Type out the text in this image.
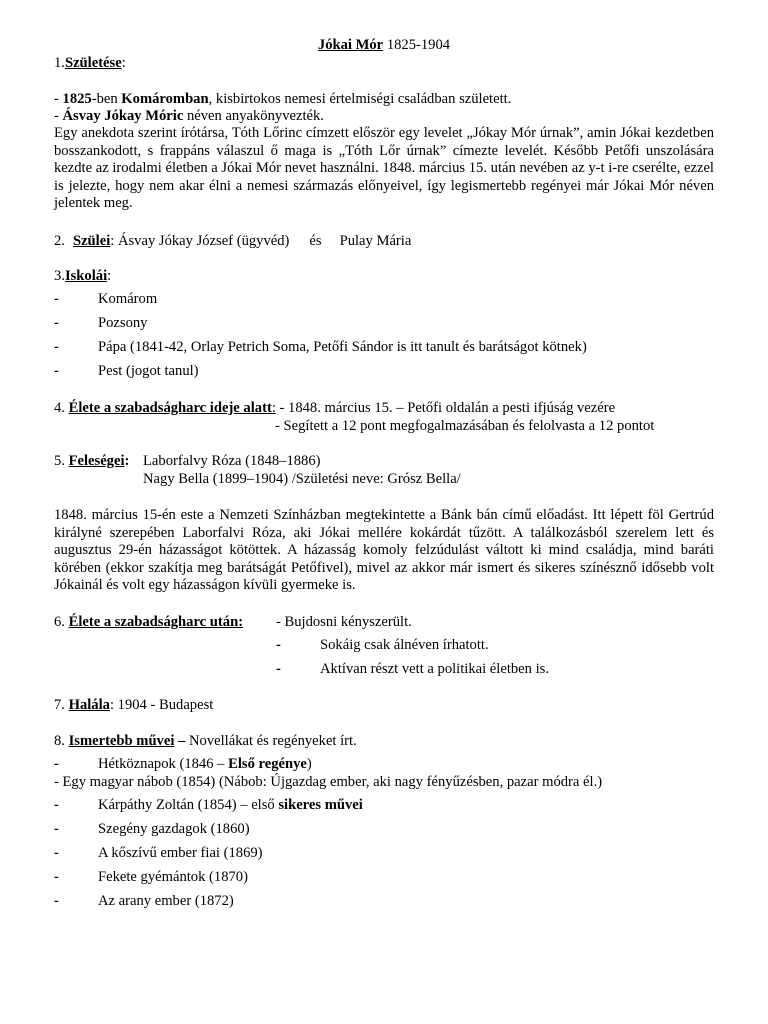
Jókai Mór 1825-1904
1.Születése:
- 1825-ben Komáromban, kisbirtokos nemesi értelmiségi családban született.
- Ásvay Jókay Móric néven anyakönyvezték.
Egy anekdota szerint írótársa, Tóth Lőrinc címzett először egy levelet „Jókay Mór úrnak”, amin Jókai kezdetben bosszankodott, s frappáns válaszul ő maga is „Tóth Lőr úrnak” címezte levelét. Később Petőfi unszolására kezdte az irodalmi életben a Jókai Mór nevet használni. 1848. március 15. után nevében az y-t i-re cserélte, ezzel is jelezte, hogy nem akar élni a nemesi származás előnyeivel, így legismertebb regényei már Jókai Mór néven jelentek meg.
2. Szülei: Ásvay Jókay József (ügyvéd) és Pulay Mária
3.Iskolái:
-	Komárom
-	Pozsony
-	Pápa (1841-42, Orlay Petrich Soma, Petőfi Sándor is itt tanult és barátságot kötnek)
-	Pest (jogot tanul)
4. Élete a szabadságharc ideje alatt: - 1848. március 15. – Petőfi oldalán a pesti ifjúság vezére
- Segített a 12 pont megfogalmazásában és felolvasta a 12 pontot
5. Feleségei: Laborfalvy Róza (1848–1886)
Nagy Bella (1899–1904) /Születési neve: Grósz Bella/
1848. március 15-én este a Nemzeti Színházban megtekintette a Bánk bán című előadást. Itt lépett föl Gertrúd királyné szerepében Laborfalvi Róza, aki Jókai mellére kokárdát tűzött. A találkozásból szerelem lett és augusztus 29-én házasságot kötöttek. A házasság komoly felzúdulást váltott ki mind családja, mind baráti körében (ekkor szakítja meg barátságát Petőfivel), mivel az akkor már ismert és sikeres színésznő idősebb volt Jókainál és volt egy házasságon kívüli gyermeke is.
6. Élete a szabadságharc után: - Bujdosni kényszerült.
-	Sokáig csak álnéven írhatott.
-	Aktívan részt vett a politikai életben is.
7. Halála: 1904 - Budapest
8. Ismertebb művei – Novellákat és regényeket írt.
-	Hétköznapok (1846 – Első regénye)
- Egy magyar nábob (1854) (Nábob: Újgazdag ember, aki nagy fényűzésben, pazar módra él.)
-	Kárpáthy Zoltán (1854) – első sikeres művei
-	Szegény gazdagok (1860)
-	A kőszívű ember fiai (1869)
-	Fekete gyémántok (1870)
-	Az arany ember (1872)
